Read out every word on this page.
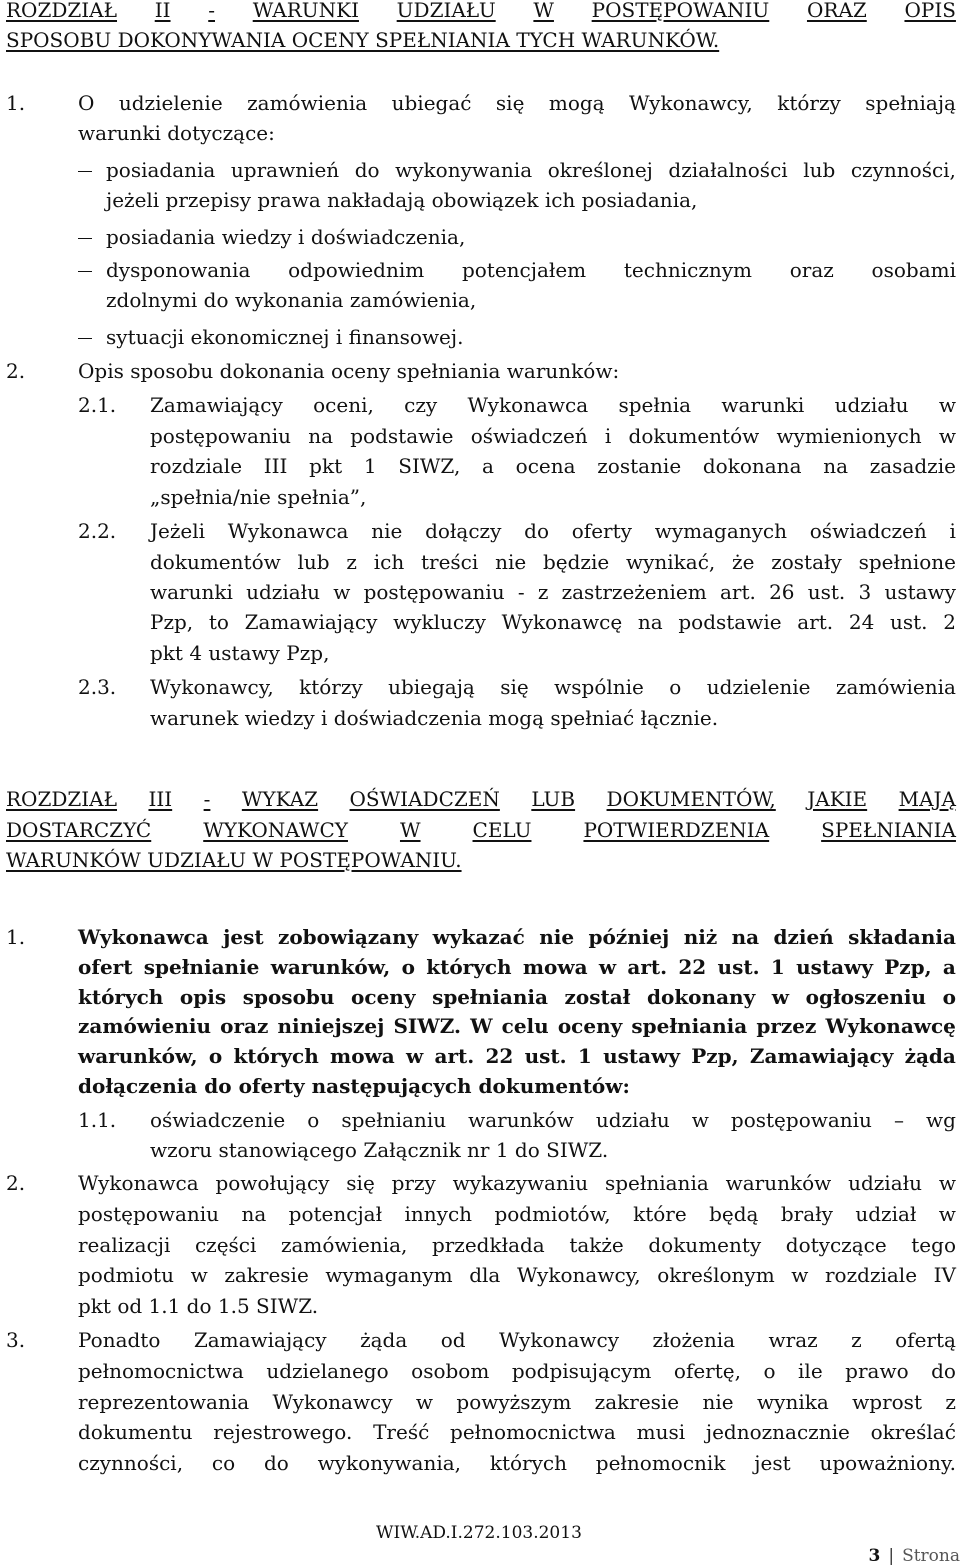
ROZDZIAŁ II - WARUNKI UDZIAŁU W POSTĘPOWANIU ORAZ OPIS
SPOSOBU DOKONYWANIA OCENY SPEŁNIANIA TYCH WARUNKÓW.
1.	O udzielenie zamówienia ubiegać się mogą Wykonawcy, którzy spełniają
warunki dotyczące:
posiadania uprawnień do wykonywania określonej działalności lub czynności,
jeżeli przepisy prawa nakładają obowiązek ich posiadania,
posiadania wiedzy i doświadczenia,
dysponowania odpowiednim potencjałem technicznym oraz osobami
zdolnymi do wykonania zamówienia,
sytuacji ekonomicznej i finansowej.
2.	Opis sposobu dokonania oceny spełniania warunków:
2.1. Zamawiający oceni, czy Wykonawca spełnia warunki udziału w
postępowaniu na podstawie oświadczeń i dokumentów wymienionych w
rozdziale III pkt 1 SIWZ, a ocena zostanie dokonana na zasadzie
„spełnia/nie spełnia”,
2.2. Jeżeli Wykonawca nie dołączy do oferty wymaganych oświadczeń i
dokumentów lub z ich treści nie będzie wynikać, że zostały spełnione
warunki udziału w postępowaniu - z zastrzeżeniem art. 26 ust. 3 ustawy
Pzp, to Zamawiający wykluczy Wykonawcę na podstawie art. 24 ust. 2
pkt 4 ustawy Pzp,
2.3. Wykonawcy, którzy ubiegają się wspólnie o udzielenie zamówienia
warunek wiedzy i doświadczenia mogą spełniać łącznie.
ROZDZIAŁ III - WYKAZ OŚWIADCZEŃ LUB DOKUMENTÓW, JAKIE MAJĄ
DOSTARCZYĆ	WYKONAWCY	W	CELU	POTWIERDZENIA	SPEŁNIANIA
WARUNKÓW UDZIAŁU W POSTĘPOWANIU.
1.	Wykonawca jest zobowiązany wykazać nie później niż na dzień składania
ofert spełnianie warunków, o których mowa w art. 22 ust. 1 ustawy Pzp, a
których opis sposobu oceny spełniania został dokonany w ogłoszeniu o
zamówieniu oraz niniejszej SIWZ. W celu oceny spełniania przez Wykonawcę
warunków, o których mowa w art. 22 ust. 1 ustawy Pzp, Zamawiający żąda
dołączenia do oferty następujących dokumentów:
1.1. oświadczenie o spełnianiu warunków udziału w postępowaniu – wg
wzoru stanowiącego Załącznik nr 1 do SIWZ.
2.	Wykonawca powołujący się przy wykazywaniu spełniania warunków udziału w
postępowaniu na potencjał innych podmiotów, które będą brały udział w
realizacji części zamówienia, przedkłada także dokumenty dotyczące tego
podmiotu w zakresie wymaganym dla Wykonawcy, określonym w rozdziale IV
pkt od 1.1 do 1.5 SIWZ.
3.	Ponadto Zamawiający żąda od Wykonawcy złożenia wraz z ofertą
pełnomocnictwa udzielanego osobom podpisującym ofertę, o ile prawo do
reprezentowania Wykonawcy w powyższym zakresie nie wynika wprost z
dokumentu rejestrowego. Treść pełnomocnictwa musi jednoznacznie określać
czynności, co do wykonywania, których pełnomocnik jest upoważniony.
WIW.AD.I.272.103.2013
3 | Strona
